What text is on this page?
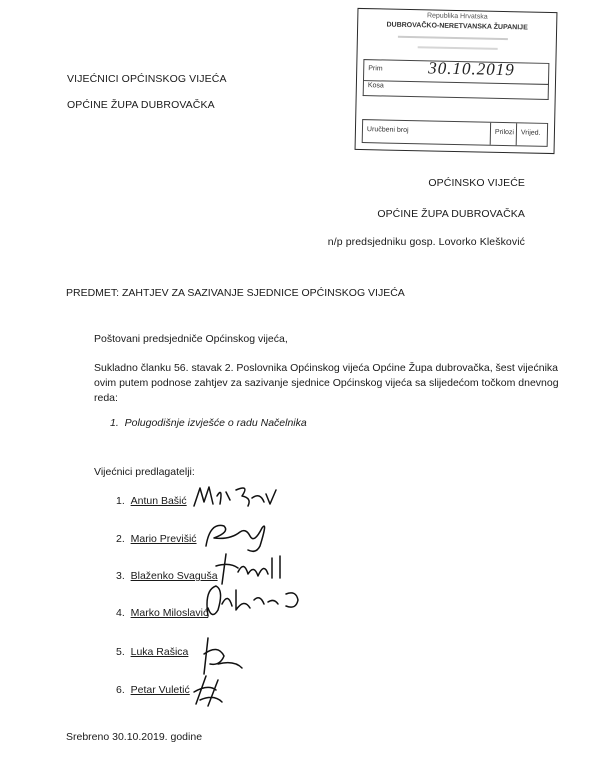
Republika Hrvatska
DUBROVAČKO-NERETVANSKA ŽUPANIJE
Prim	30.10.2019
Kosa
Uručbeni broj	Prilozi Vrijed.
VIJEĆNICI OPĆINSKOG VIJEĆA
OPĆINE ŽUPA DUBROVAČKA
OPĆINSKO VIJEĆE
OPĆINE ŽUPA DUBROVAČKA
n/p predsjedniku gosp. Lovorko Klešković
PREDMET: ZAHTJEV ZA SAZIVANJE SJEDNICE OPĆINSKOG VIJEĆA
Poštovani predsjedniče Općinskog vijeća,
Sukladno članku 56. stavak 2. Poslovnika Općinskog vijeća Općine Župa dubrovačka, šest vijećnika ovim putem podnose zahtjev za sazivanje sjednice Općinskog vijeća sa slijedećom točkom dnevnog reda:
1. Polugodišnje izvješće o radu Načelnika
Vijećnici predlagatelji:
1. Antun Bašić
2. Mario Previšić
3. Blaženko Svaguša
4. Marko Miloslavić
5. Luka Rašica
6. Petar Vuletić
Srebreno 30.10.2019. godine
